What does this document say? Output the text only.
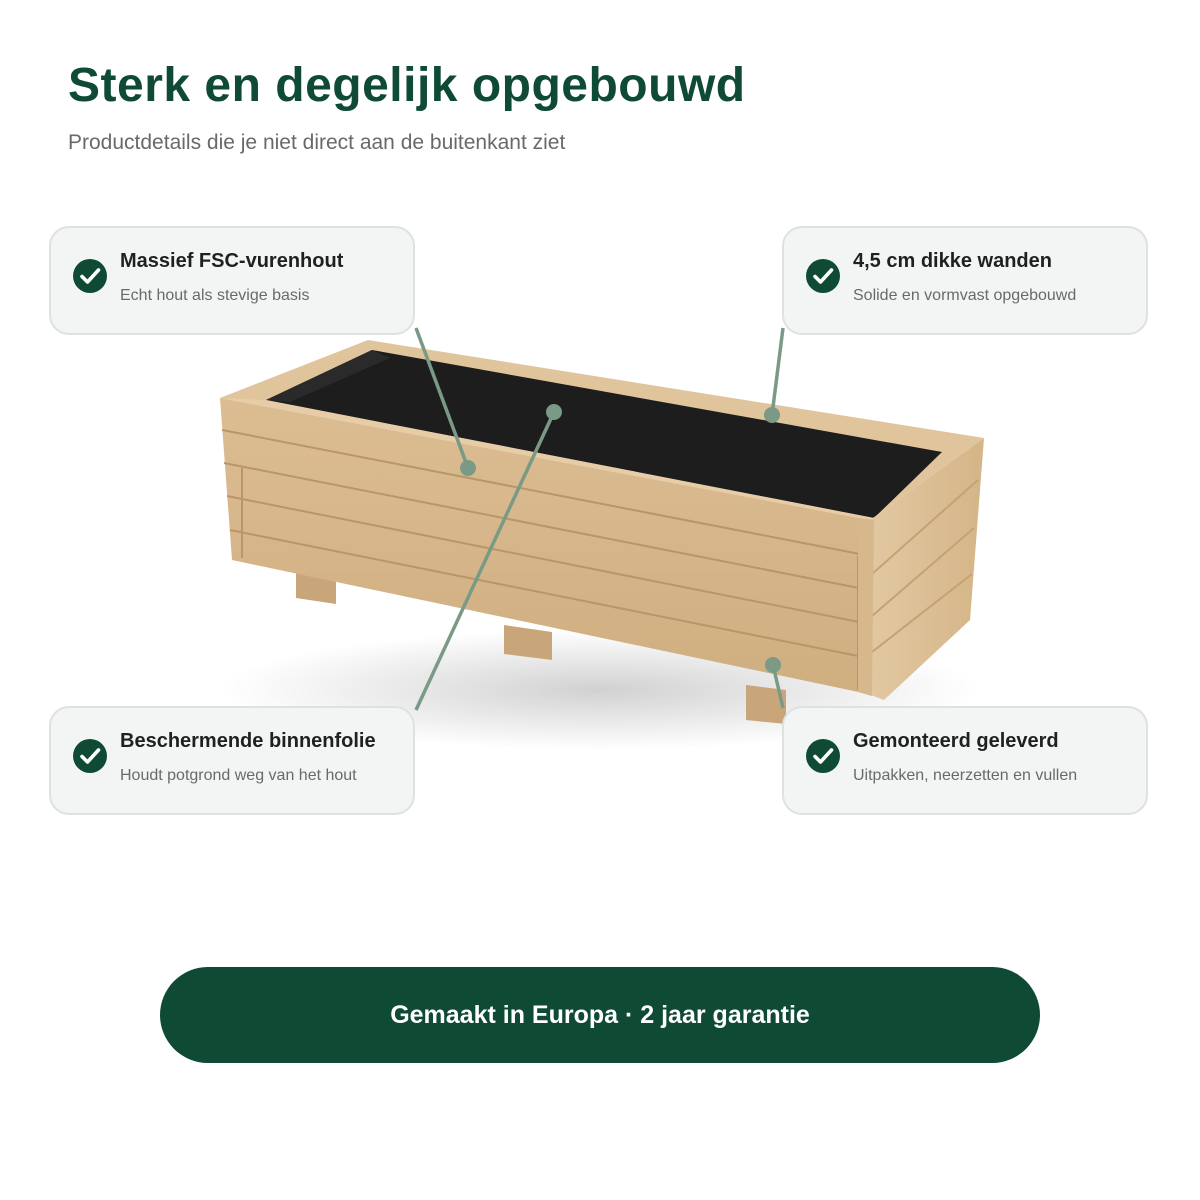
Sterk en degelijk opgebouwd

Productdetails die je niet direct aan de buitenkant ziet

Massief FSC-vurenhout
Echt hout als stevige basis
4,5 cm dikke wanden
Solide en vormvast opgebouwd
Beschermende binnenfolie
Houdt potgrond weg van het hout
Gemonteerd geleverd
Uitpakken, neerzetten en vullen
Gemaakt in Europa · 2 jaar garantie
